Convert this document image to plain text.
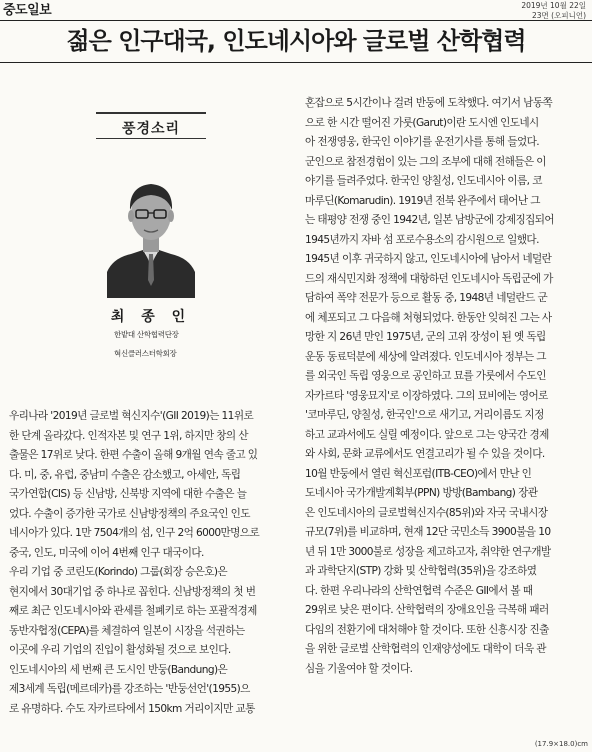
중도일보	2019년 10월 22일
23면 (오피니언)
젊은 인구대국, 인도네시아와 글로벌 산학협력
풍경소리
최 종 인
한밭대 산학협력단장
혁신클러스터학회장
우리나라 '2019년 글로벌 혁신지수'(GII 2019)는 11위로
한 단계 올라갔다. 인적자본 및 연구 1위, 하지만 창의 산
출물은 17위로 낮다. 한편 수출이 올해 9개월 연속 줄고 있
다. 미, 중, 유럽, 중남미 수출은 감소했고, 아세안, 독립
국가연합(CIS) 등 신남방, 신북방 지역에 대한 수출은 늘
었다. 수출이 증가한 국가로 신남방정책의 주요국인 인도
네시아가 있다. 1만 7504개의 섬, 인구 2억 6000만명으로
중국, 인도, 미국에 이어 4번째 인구 대국이다.
우리 기업 중 코린도(Korindo) 그룹(회장 승은호)은
현지에서 30대기업 중 하나로 꼽힌다. 신남방정책의 첫 번
째로 최근 인도네시아와 관세를 철폐키로 하는 포괄적경제
동반자협정(CEPA)를 체결하여 일본이 시장을 석권하는
이곳에 우리 기업의 진입이 활성화될 것으로 보인다.
인도네시아의 세 번째 큰 도시인 반둥(Bandung)은
제3세계 독립(메르데카)를 강조하는 '반둥선언'(1955)으
로 유명하다. 수도 자카르타에서 150km 거리이지만 교통
혼잡으로 5시간이나 걸려 반둥에 도착했다. 여기서 남동쪽
으로 한 시간 떨어진 가룻(Garut)이란 도시엔 인도네시
아 전쟁영웅, 한국인 이야기를 운전기사를 통해 들었다.
군인으로 참전경험이 있는 그의 조부에 대해 전해들은 이
야기를 들려주었다. 한국인 양칠성, 인도네시아 이름, 코
마루딘(Komarudin). 1919년 전북 완주에서 태어난 그
는 태평양 전쟁 중인 1942년, 일본 남방군에 강제징집되어
1945년까지 자바 섬 포로수용소의 감시원으로 일했다.
1945년 이후 귀국하지 않고, 인도네시아에 남아서 네덜란
드의 재식민지화 정책에 대항하던 인도네시아 독립군에 가
담하여 폭약 전문가 등으로 활동 중, 1948년 네덜란드 군
에 체포되고 그 다음해 처형되었다. 한동안 잊혀진 그는 사
망한 지 26년 만인 1975년, 군의 고위 장성이 된 옛 독립
운동 동료덕분에 세상에 알려졌다. 인도네시아 정부는 그
를 외국인 독립 영웅으로 공인하고 묘를 가룻에서 수도인
자카르타 '영웅묘지'로 이장하였다. 그의 묘비에는 영어로
'코마루딘, 양칠성, 한국인'으로 새기고, 거리이름도 지정
하고 교과서에도 실릴 예정이다. 앞으로 그는 양국간 경제
와 사회, 문화 교류에서도 연결고리가 될 수 있을 것이다.
10월 반둥에서 열린 혁신포럼(ITB-CEO)에서 만난 인
도네시아 국가개발계획부(PPN) 방방(Bambang) 장관
은 인도네시아의 글로벌혁신지수(85위)와 자국 국내시장
규모(7위)를 비교하며, 현재 12단 국민소득 3900불을 10
년 뒤 1만 3000불로 성장을 제고하고자, 취약한 연구개발
과 과학단지(STP) 강화 및 산학협력(35위)을 강조하였
다. 한편 우리나라의 산학연협력 수준은 GII에서 볼 때
29위로 낮은 편이다. 산학협력의 장애요인을 극복해 패러
다임의 전환기에 대처해야 할 것이다. 또한 신흥시장 진출
을 위한 글로벌 산학협력의 인재양성에도 대학이 더욱 관
심을 기울여야 할 것이다.
(17.9×18.0)cm
